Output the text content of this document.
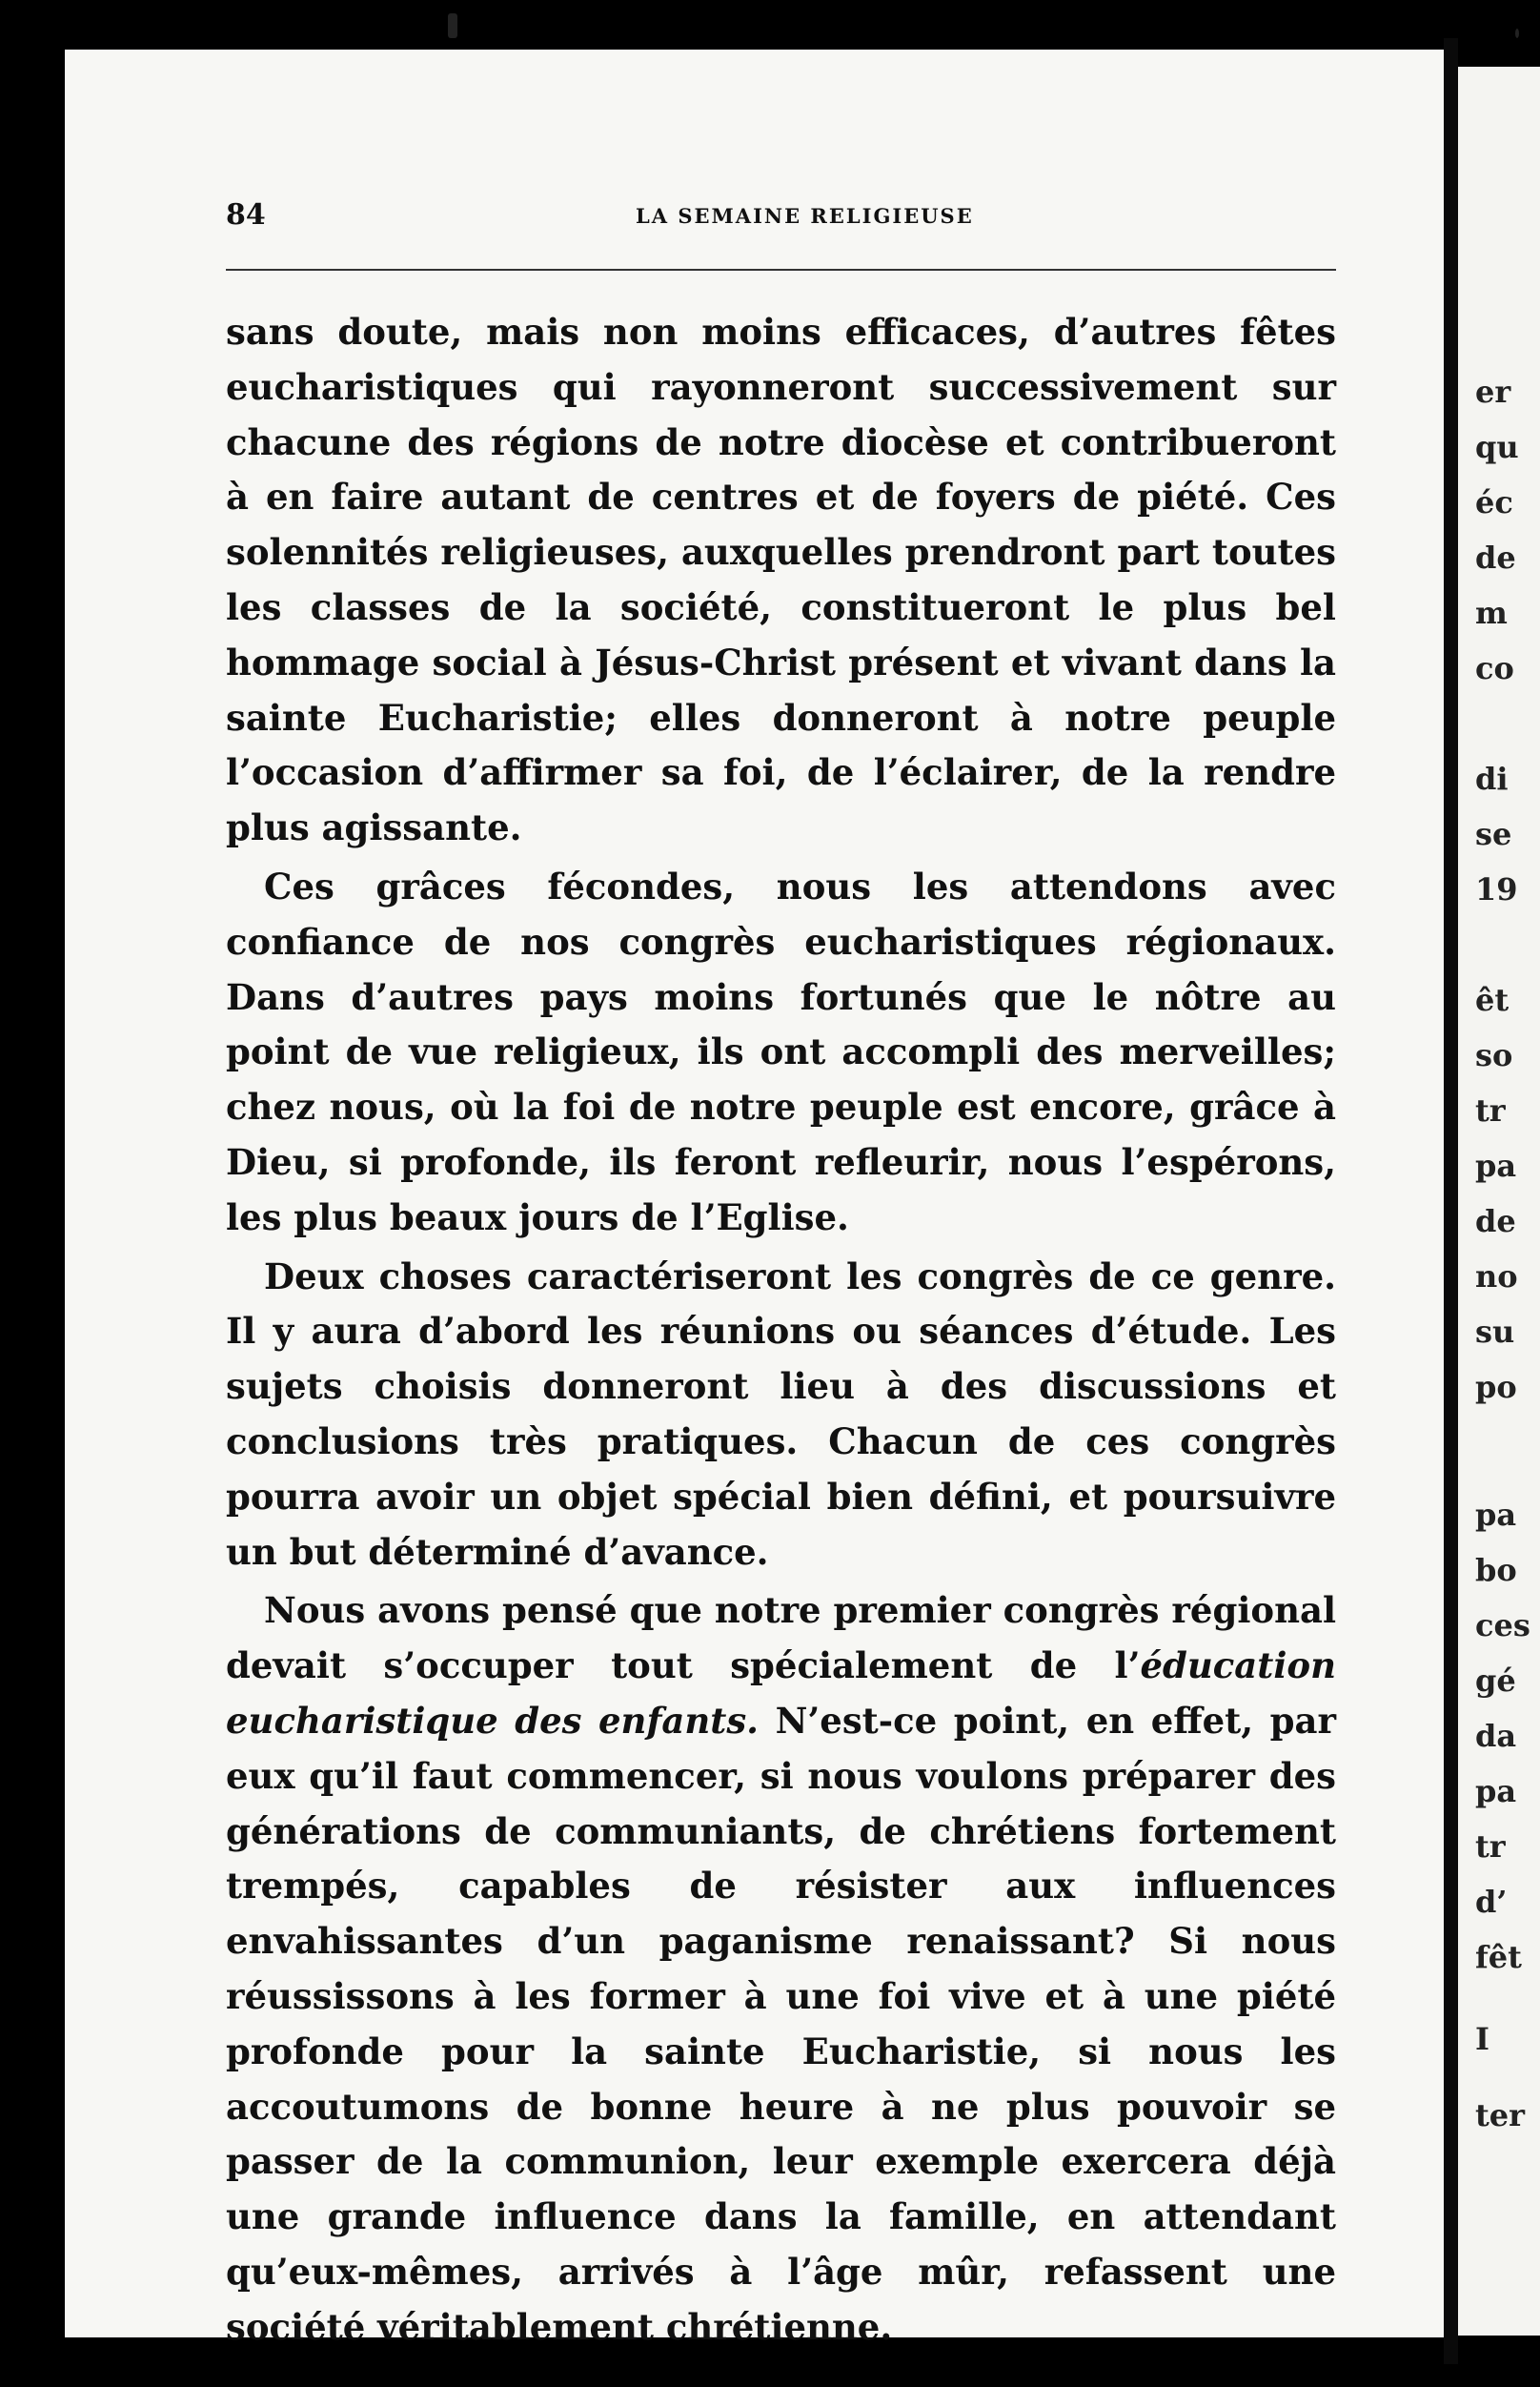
er
qu
éc
de
m
co
di
se
19
êt
so
tr
pa
de
no
su
po
pa
bo
ces
gé
da
pa
tr
d’
fêt
I
ter
84	LA SEMAINE RELIGIEUSE

sans doute, mais non moins efficaces, d’autres fêtes eucharistiques qui rayonneront successivement sur chacune des régions de notre diocèse et contribueront à en faire autant de centres et de foyers de piété. Ces solennités religieuses, auxquelles prendront part toutes les classes de la société, constitueront le plus bel hommage social à Jésus-Christ présent et vivant dans la sainte Eucharistie; elles donneront à notre peuple l’occasion d’affirmer sa foi, de l’éclairer, de la rendre plus agissante.

Ces grâces fécondes, nous les attendons avec confiance de nos congrès eucharistiques régionaux. Dans d’autres pays moins fortunés que le nôtre au point de vue religieux, ils ont accompli des merveilles; chez nous, où la foi de notre peuple est encore, grâce à Dieu, si profonde, ils feront refleurir, nous l’espérons, les plus beaux jours de l’Eglise.

Deux choses caractériseront les congrès de ce genre. Il y aura d’abord les réunions ou séances d’étude. Les sujets choisis donneront lieu à des discussions et conclusions très pratiques. Chacun de ces congrès pourra avoir un objet spécial bien défini, et poursuivre un but déterminé d’avance.

Nous avons pensé que notre premier congrès régional devait s’occuper tout spécialement de l’éducation eucharistique des enfants. N’est-ce point, en effet, par eux qu’il faut commencer, si nous voulons préparer des générations de communiants, de chrétiens fortement trempés, capables de résister aux influences envahissantes d’un paganisme renaissant? Si nous réussissons à les former à une foi vive et à une piété profonde pour la sainte Eucharistie, si nous les accoutumons de bonne heure à ne plus pouvoir se passer de la communion, leur exemple exercera déjà une grande influence dans la famille, en attendant qu’eux-mêmes, arrivés à l’âge mûr, refassent une société véritablement chrétienne.
